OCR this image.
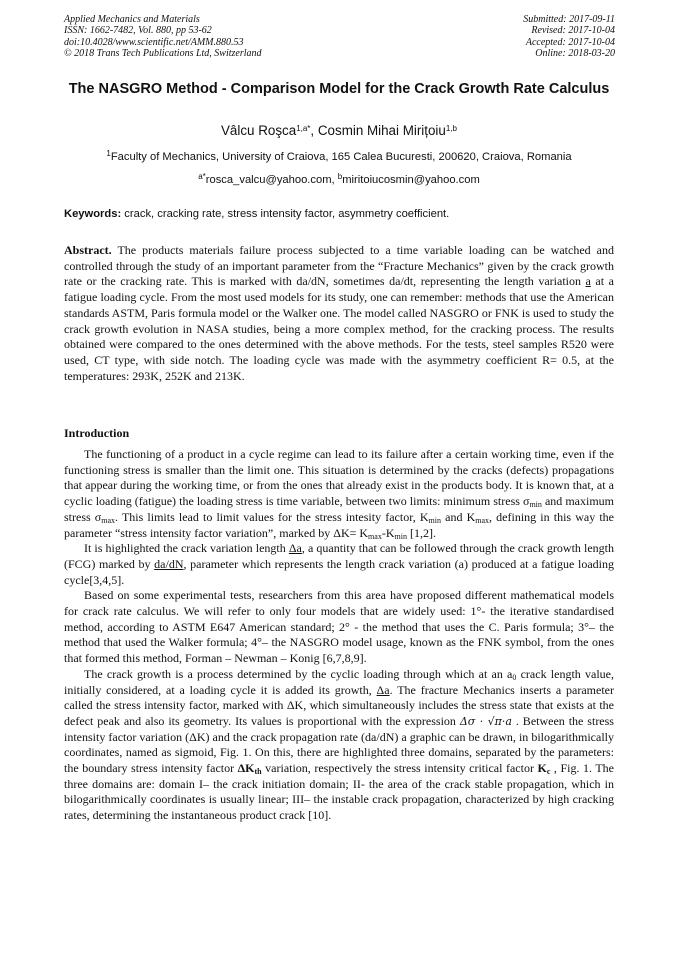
Applied Mechanics and Materials
ISSN: 1662-7482, Vol. 880, pp 53-62
doi:10.4028/www.scientific.net/AMM.880.53
© 2018 Trans Tech Publications Ltd, Switzerland
Submitted: 2017-09-11
Revised: 2017-10-04
Accepted: 2017-10-04
Online: 2018-03-20
The NASGRO Method - Comparison Model for the Crack Growth Rate Calculus
Vâlcu Roşca$^{1,a*}$, Cosmin Mihai Mirițoiu$^{1,b}$
$^1$Faculty of Mechanics, University of Craiova, 165 Calea Bucuresti, 200620, Craiova, Romania
$^{a*}$rosca_valcu@yahoo.com, $^b$miritoiucosmin@yahoo.com
Keywords: crack, cracking rate, stress intensity factor, asymmetry coefficient.

Abstract. The products materials failure process subjected to a time variable loading can be watched and controlled through the study of an important parameter from the “Fracture Mechanics” given by the crack growth rate or the cracking rate. This is marked with da/dN, sometimes da/dt, representing the length variation a at a fatigue loading cycle. From the most used models for its study, one can remember: methods that use the American standards ASTM, Paris formula model or the Walker one. The model called NASGRO or FNK is used to study the crack growth evolution in NASA studies, being a more complex method, for the cracking process. The results obtained were compared to the ones determined with the above methods. For the tests, steel samples R520 were used, CT type, with side notch. The loading cycle was made with the asymmetry coefficient R= 0.5, at the temperatures: 293K, 252K and 213K.

Introduction

The functioning of a product in a cycle regime can lead to its failure after a certain working time, even if the functioning stress is smaller than the limit one. This situation is determined by the cracks (defects) propagations that appear during the working time, or from the ones that already exist in the products body. It is known that, at a cyclic loading (fatigue) the loading stress is time variable, between two limits: minimum stress $\sigma_{min}$ and maximum stress $\sigma_{max}$. This limits lead to limit values for the stress intesity factor, $K_{min}$ and $K_{max}$, defining in this way the parameter “stress intensity factor variation”, marked by $\Delta K= K_{max}-K_{min}$ [1,2].

It is highlighted the crack variation length Δa, a quantity that can be followed through the crack growth length (FCG) marked by da/dN, parameter which represents the length crack variation (a) produced at a fatigue loading cycle[3,4,5].

Based on some experimental tests, researchers from this area have proposed different mathematical models for crack rate calculus. We will refer to only four models that are widely used: 1°- the iterative standardised method, according to ASTM E647 American standard; 2° - the method that uses the C. Paris formula; 3°– the method that used the Walker formula; 4°– the NASGRO model usage, known as the FNK symbol, from the ones that formed this method, Forman – Newman – Konig [6,7,8,9].

The crack growth is a process determined by the cyclic loading through which at an $a_0$ crack length value, initially considered, at a loading cycle it is added its growth, Δa. The fracture Mechanics inserts a parameter called the stress intensity factor, marked with ΔK, which simultaneously includes the stress state that exists at the defect peak and also its geometry. Its values is proportional with the expression Δσ · √π·a . Between the stress intensity factor variation (ΔK) and the crack propagation rate (da/dN) a graphic can be drawn, in bilogarithmically coordinates, named as sigmoid, Fig. 1. On this, there are highlighted three domains, separated by the parameters: the boundary stress intensity factor $\Delta K_{th}$ variation, respectively the stress intensity critical factor $K_c$ , Fig. 1. The three domains are: domain I– the crack initiation domain; II- the area of the crack stable propagation, which in bilogarithmically coordinates is usually linear; III– the instable crack propagation, characterized by high cracking rates, determining the instantaneous product crack [10].
